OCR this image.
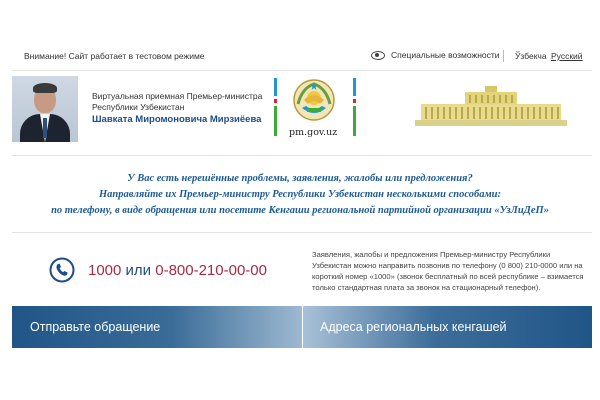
Внимание! Сайт работает в тестовом режиме	Специальные возможности Ўзбекча Русский
Виртуальная приемная Премьер-министра
Республики Узбекистан
Шавката Миромоновича Мирзиёева
pm.gov.uz
У Вас есть нерешённые проблемы, заявления, жалобы или предложения?
Направляйте их Премьер-министру Республики Узбекистан несколькими способами:
по телефону, в виде обращения или посетите Кенгаши региональной партийной организации «УзЛиДеП»
1000 или 0-800-210-00-00
Заявления, жалобы и предложения Премьер-министру Республики Узбекистан можно направить позвонив по телефону (0 800) 210-0000 или на короткий номер «1000» (звонок бесплатный по всей республике – взимается только стандартная плата за звонок на стационарный телефон).
Отправьте обращение	Адреса региональных кенгашей
